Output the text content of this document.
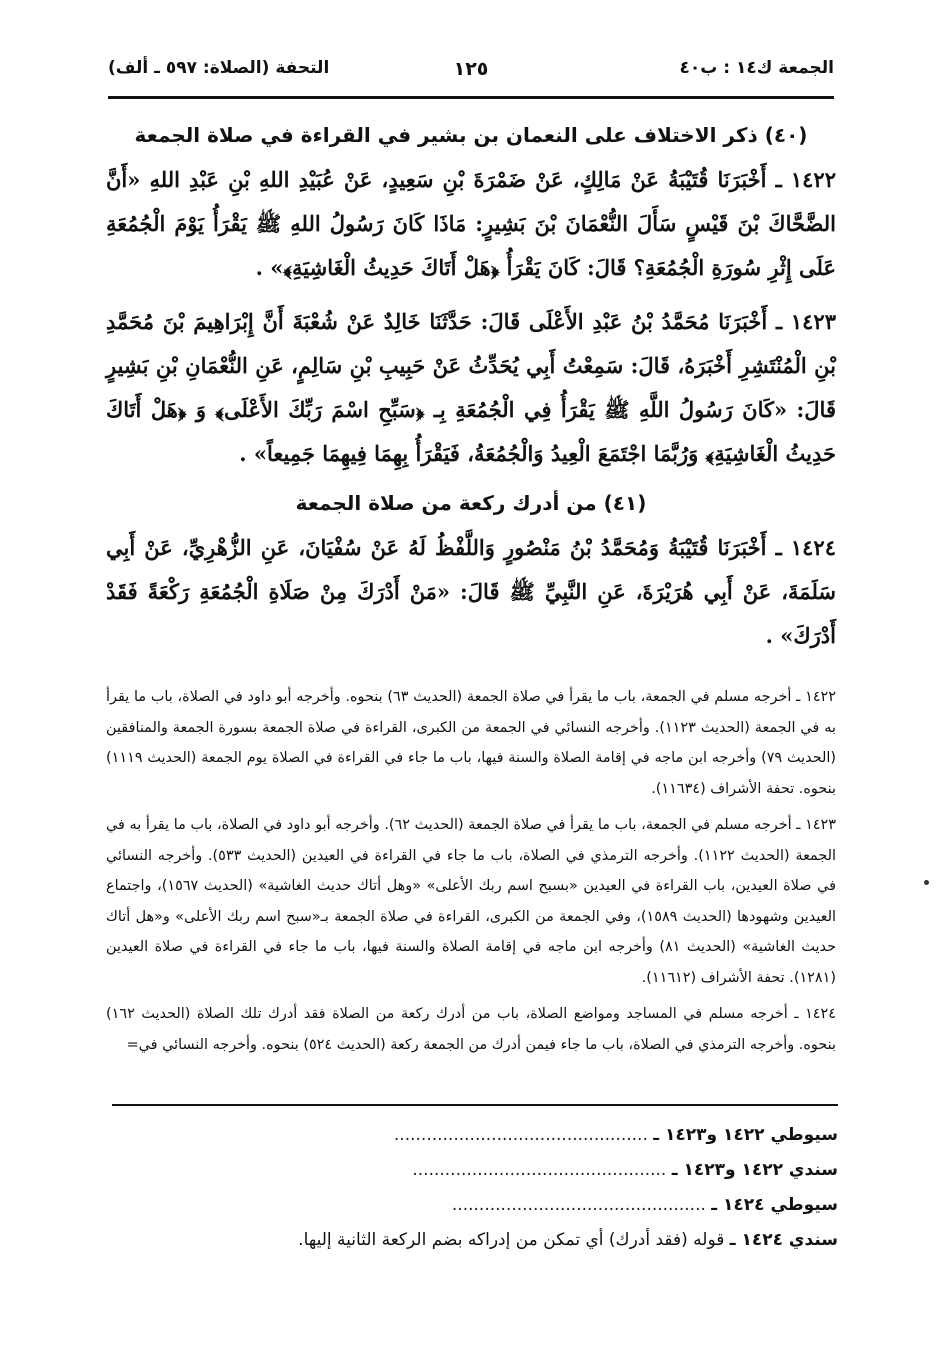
الجمعة ك١٤ : ب٤٠
١٢٥
التحفة (الصلاة: ٥٩٧ ـ ألف)
(٤٠) ذكر الاختلاف على النعمان بن بشير في القراءة في صلاة الجمعة

١٤٢٢ ـ أَخْبَرَنَا قُتَيْبَةُ عَنْ مَالِكٍ، عَنْ ضَمْرَةَ بْنِ سَعِيدٍ، عَنْ عُبَيْدِ اللهِ بْنِ عَبْدِ اللهِ «أَنَّ الضَّحَّاكَ بْنَ قَيْسٍ سَأَلَ النُّعْمَانَ بْنَ بَشِيرٍ: مَاذَا كَانَ رَسُولُ اللهِ ﷺ يَقْرَأُ يَوْمَ الْجُمُعَةِ عَلَى إِثْرِ سُورَةِ الْجُمُعَةِ؟ قَالَ: كَانَ يَقْرَأُ ﴿هَلْ أَتَاكَ حَدِيثُ الْغَاشِيَةِ﴾» .

١٤٢٣ ـ أَخْبَرَنَا مُحَمَّدُ بْنُ عَبْدِ الأَعْلَى قَالَ: حَدَّثَنَا خَالِدٌ عَنْ شُعْبَةَ أَنَّ إِبْرَاهِيمَ بْنَ مُحَمَّدِ بْنِ الْمُنْتَشِرِ أَخْبَرَهُ، قَالَ: سَمِعْتُ أَبِي يُحَدِّثُ عَنْ حَبِيبِ بْنِ سَالِمٍ، عَنِ النُّعْمَانِ بْنِ بَشِيرٍ قَالَ: «كَانَ رَسُولُ اللَّهِ ﷺ يَقْرَأُ فِي الْجُمُعَةِ بِـ ﴿سَبِّحِ اسْمَ رَبِّكَ الأَعْلَى﴾ وَ ﴿هَلْ أَتَاكَ حَدِيثُ الْغَاشِيَةِ﴾ وَرُبَّمَا اجْتَمَعَ الْعِيدُ وَالْجُمُعَةُ، فَيَقْرَأُ بِهِمَا فِيهِمَا جَمِيعاً» .

(٤١) من أدرك ركعة من صلاة الجمعة

١٤٢٤ ـ أَخْبَرَنَا قُتَيْبَةُ وَمُحَمَّدُ بْنُ مَنْصُورٍ وَاللَّفْظُ لَهُ عَنْ سُفْيَانَ، عَنِ الزُّهْرِيِّ، عَنْ أَبِي سَلَمَةَ، عَنْ أَبِي هُرَيْرَةَ، عَنِ النَّبِيِّ ﷺ قَالَ: «مَنْ أَدْرَكَ مِنْ صَلَاةِ الْجُمُعَةِ رَكْعَةً فَقَدْ أَدْرَكَ» .

١٤٢٢ ـ أخرجه مسلم في الجمعة، باب ما يقرأ في صلاة الجمعة (الحديث ٦٣) بنحوه. وأخرجه أبو داود في الصلاة، باب ما يقرأ به في الجمعة (الحديث ١١٢٣). وأخرجه النسائي في الجمعة من الكبرى، القراءة في صلاة الجمعة بسورة الجمعة والمنافقين (الحديث ٧٩) وأخرجه ابن ماجه في إقامة الصلاة والسنة فيها، باب ما جاء في القراءة في الصلاة يوم الجمعة (الحديث ١١١٩) بنحوه. تحفة الأشراف (١١٦٣٤).

١٤٢٣ ـ أخرجه مسلم في الجمعة، باب ما يقرأ في صلاة الجمعة (الحديث ٦٢). وأخرجه أبو داود في الصلاة، باب ما يقرأ به في الجمعة (الحديث ١١٢٢). وأخرجه الترمذي في الصلاة، باب ما جاء في القراءة في العيدين (الحديث ٥٣٣). وأخرجه النسائي في صلاة العيدين، باب القراءة في العيدين «بسبح اسم ربك الأعلى» «وهل أتاك حديث الغاشية» (الحديث ١٥٦٧)، واجتماع العيدين وشهودها (الحديث ١٥٨٩)، وفي الجمعة من الكبرى، القراءة في صلاة الجمعة بـ«سبح اسم ربك الأعلى» و«هل أتاك حديث الغاشية» (الحديث ٨١) وأخرجه ابن ماجه في إقامة الصلاة والسنة فيها، باب ما جاء في القراءة في صلاة العيدين (١٢٨١). تحفة الأشراف (١١٦١٢).

١٤٢٤ ـ أخرجه مسلم في المساجد ومواضع الصلاة، باب من أدرك ركعة من الصلاة فقد أدرك تلك الصلاة (الحديث ١٦٢) بنحوه. وأخرجه الترمذي في الصلاة، باب ما جاء فيمن أدرك من الجمعة ركعة (الحديث ٥٢٤) بنحوه. وأخرجه النسائي في=

سيوطي ١٤٢٢ و١٤٢٣ ـ ...............................................
سندي ١٤٢٢ و١٤٢٣ ـ ...............................................
سيوطي ١٤٢٤ ـ ...............................................
سندي ١٤٢٤ ـ قوله (فقد أدرك) أي تمكن من إدراكه بضم الركعة الثانية إليها.
